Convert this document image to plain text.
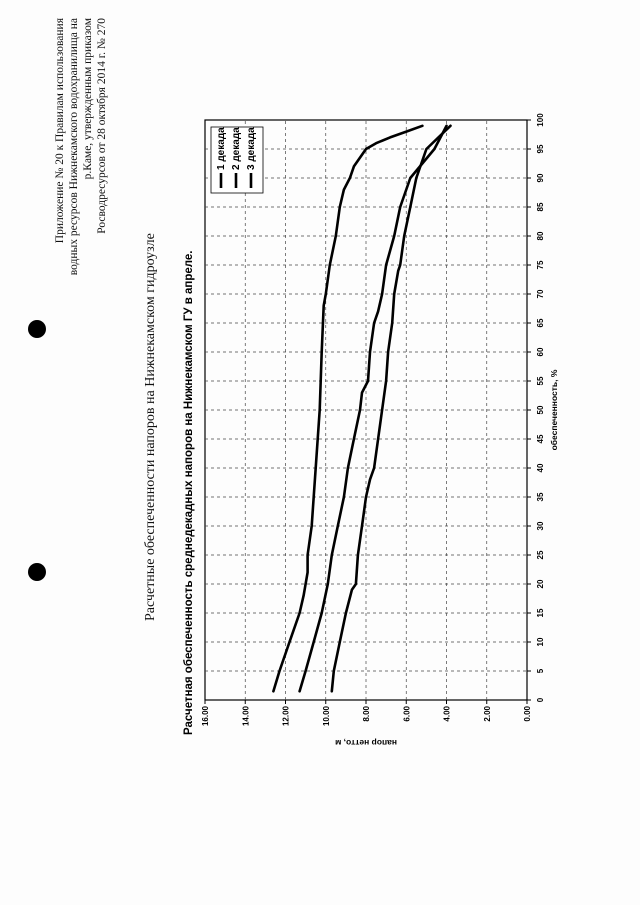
Приложение № 20 к Правилам использования водных ресурсов Нижнекамского водохранилища на р.Каме, утвержденным приказом Росводресурсов от 28 октября 2014 г. № 270
Расчетные обеспеченности напоров на Нижнекамском гидроузле Расчетная обеспеченность среднедекадных напоров на Нижнекамском ГУ в апреле.	0
5
10
15
20
25
30
35
40
45
50
55
60
65
70
75
80
85
90
95
100
0.00
2.00
4.00
6.00
8.00
10.00
12.00
14.00
16.00
1 декада 2 декада 3 декада
обеспеченность, %
напор нетто, м
